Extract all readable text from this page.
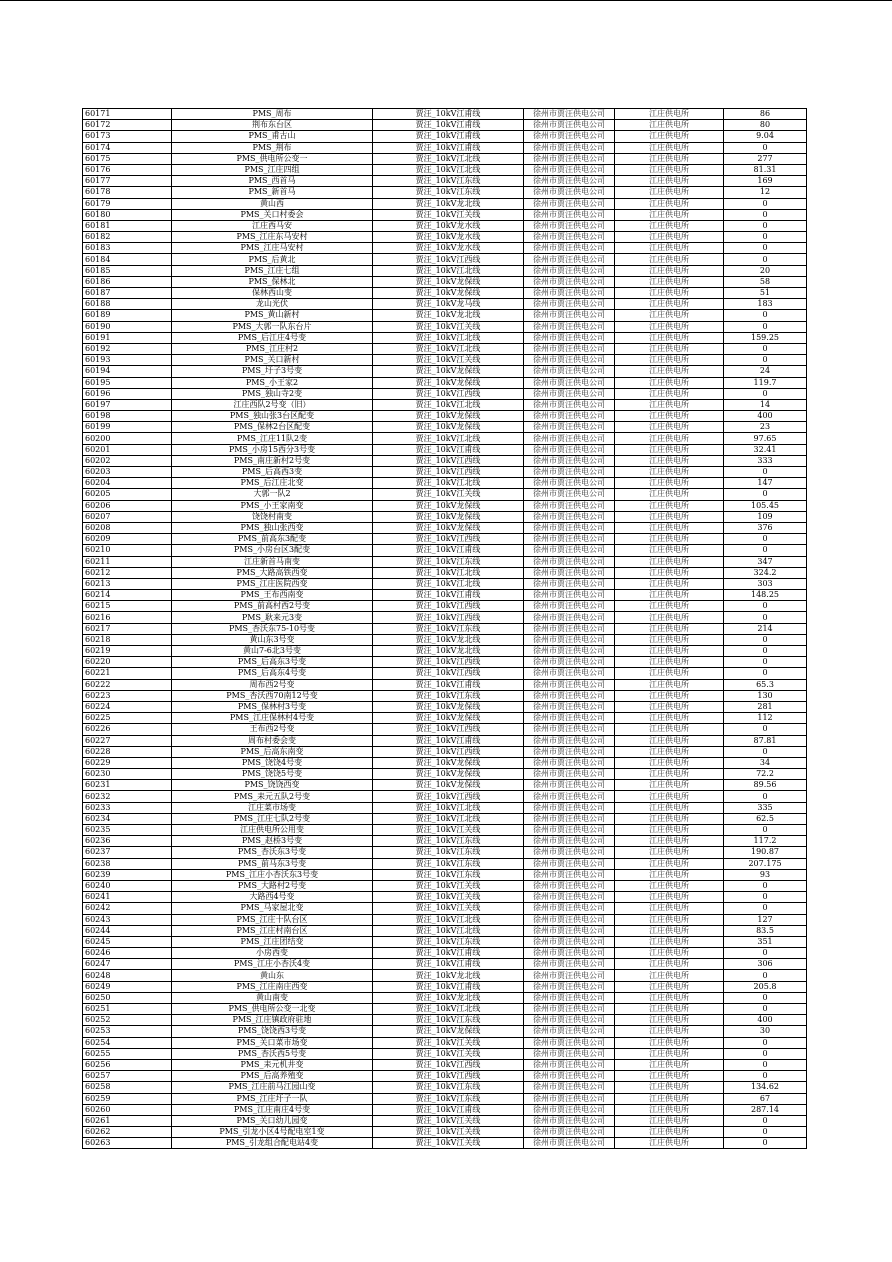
60171	PMS_周布	贾汪_10kV江甫线	徐州市贾汪供电公司	江庄供电所	86
60172	荆布东台区	贾汪_10kV江甫线	徐州市贾汪供电公司	江庄供电所	80
60173	PMS_甫古山	贾汪_10kV江甫线	徐州市贾汪供电公司	江庄供电所	9.04
60174	PMS_荆布	贾汪_10kV江甫线	徐州市贾汪供电公司	江庄供电所	0
60175	PMS_供电所公变一	贾汪_10kV江北线	徐州市贾汪供电公司	江庄供电所	277
60176	PMS_江庄四组	贾汪_10kV江北线	徐州市贾汪供电公司	江庄供电所	81.31
60177	PMS_西首马	贾汪_10kV江东线	徐州市贾汪供电公司	江庄供电所	169
60178	PMS_新首马	贾汪_10kV江东线	徐州市贾汪供电公司	江庄供电所	12
60179	黄山西	贾汪_10kV龙北线	徐州市贾汪供电公司	江庄供电所	0
60180	PMS_关口村委会	贾汪_10kV江关线	徐州市贾汪供电公司	江庄供电所	0
60181	江庄西马安	贾汪_10kV龙水线	徐州市贾汪供电公司	江庄供电所	0
60182	PMS_江庄东马安村	贾汪_10kV龙水线	徐州市贾汪供电公司	江庄供电所	0
60183	PMS_江庄马安村	贾汪_10kV龙水线	徐州市贾汪供电公司	江庄供电所	0
60184	PMS_后黄北	贾汪_10kV江西线	徐州市贾汪供电公司	江庄供电所	0
60185	PMS_江庄七组	贾汪_10kV江北线	徐州市贾汪供电公司	江庄供电所	20
60186	PMS_保林北	贾汪_10kV龙保线	徐州市贾汪供电公司	江庄供电所	58
60187	保林西山变	贾汪_10kV龙保线	徐州市贾汪供电公司	江庄供电所	51
60188	龙山光伏	贾汪_10kV龙马线	徐州市贾汪供电公司	江庄供电所	183
60189	PMS_黄山新村	贾汪_10kV龙北线	徐州市贾汪供电公司	江庄供电所	0
60190	PMS_大郭一队东台片	贾汪_10kV江关线	徐州市贾汪供电公司	江庄供电所	0
60191	PMS_后江庄4号变	贾汪_10kV江北线	徐州市贾汪供电公司	江庄供电所	159.25
60192	PMS_江庄村2	贾汪_10kV江北线	徐州市贾汪供电公司	江庄供电所	0
60193	PMS_关口新村	贾汪_10kV江关线	徐州市贾汪供电公司	江庄供电所	0
60194	PMS_圩子3号变	贾汪_10kV龙保线	徐州市贾汪供电公司	江庄供电所	24
60195	PMS_小王家2	贾汪_10kV龙保线	徐州市贾汪供电公司	江庄供电所	119.7
60196	PMS_独山寺2变	贾汪_10kV江西线	徐州市贾汪供电公司	江庄供电所	0
60197	江庄西队2号变（旧）	贾汪_10kV江北线	徐州市贾汪供电公司	江庄供电所	14
60198	PMS_独山张3台区配变	贾汪_10kV龙保线	徐州市贾汪供电公司	江庄供电所	400
60199	PMS_保林2台区配变	贾汪_10kV龙保线	徐州市贾汪供电公司	江庄供电所	23
60200	PMS_江庄11队2变	贾汪_10kV江北线	徐州市贾汪供电公司	江庄供电所	97.65
60201	PMS_小房15西分3号变	贾汪_10kV江甫线	徐州市贾汪供电公司	江庄供电所	32.41
60202	PMS_南庄新村2号变	贾汪_10kV江西线	徐州市贾汪供电公司	江庄供电所	333
60203	PMS_后高西3变	贾汪_10kV江西线	徐州市贾汪供电公司	江庄供电所	0
60204	PMS_后江庄北变	贾汪_10kV江北线	徐州市贾汪供电公司	江庄供电所	147
60205	大郭一队2	贾汪_10kV江关线	徐州市贾汪供电公司	江庄供电所	0
60206	PMS_小王家南变	贾汪_10kV龙保线	徐州市贾汪供电公司	江庄供电所	105.45
60207	饶饶村南变	贾汪_10kV龙保线	徐州市贾汪供电公司	江庄供电所	109
60208	PMS_独山张西变	贾汪_10kV龙保线	徐州市贾汪供电公司	江庄供电所	376
60209	PMS_前高东3配变	贾汪_10kV江西线	徐州市贾汪供电公司	江庄供电所	0
60210	PMS_小房台区3配变	贾汪_10kV江甫线	徐州市贾汪供电公司	江庄供电所	0
60211	江庄新首马南变	贾汪_10kV江东线	徐州市贾汪供电公司	江庄供电所	347
60212	PMS_大路高铁西变	贾汪_10kV江北线	徐州市贾汪供电公司	江庄供电所	324.2
60213	PMS_江庄医院西变	贾汪_10kV江北线	徐州市贾汪供电公司	江庄供电所	303
60214	PMS_王布西南变	贾汪_10kV江甫线	徐州市贾汪供电公司	江庄供电所	148.25
60215	PMS_前高村西2号变	贾汪_10kV江西线	徐州市贾汪供电公司	江庄供电所	0
60216	PMS_耿来元3变	贾汪_10kV江西线	徐州市贾汪供电公司	江庄供电所	0
60217	PMS_杏沃东75-10号变	贾汪_10kV江东线	徐州市贾汪供电公司	江庄供电所	214
60218	黄山东3号变	贾汪_10kV龙北线	徐州市贾汪供电公司	江庄供电所	0
60219	黄山7-6北3号变	贾汪_10kV龙北线	徐州市贾汪供电公司	江庄供电所	0
60220	PMS_后高东3号变	贾汪_10kV江西线	徐州市贾汪供电公司	江庄供电所	0
60221	PMS_后高东4号变	贾汪_10kV江西线	徐州市贾汪供电公司	江庄供电所	0
60222	周布西2号变	贾汪_10kV江甫线	徐州市贾汪供电公司	江庄供电所	65.3
60223	PMS_杏沃西70南12号变	贾汪_10kV江东线	徐州市贾汪供电公司	江庄供电所	130
60224	PMS_保林村3号变	贾汪_10kV龙保线	徐州市贾汪供电公司	江庄供电所	281
60225	PMS_江庄保林村4号变	贾汪_10kV龙保线	徐州市贾汪供电公司	江庄供电所	112
60226	王布西2号变	贾汪_10kV江西线	徐州市贾汪供电公司	江庄供电所	0
60227	周布村委会变	贾汪_10kV江甫线	徐州市贾汪供电公司	江庄供电所	87.81
60228	PMS_后高东南变	贾汪_10kV江西线	徐州市贾汪供电公司	江庄供电所	0
60229	PMS_饶饶4号变	贾汪_10kV龙保线	徐州市贾汪供电公司	江庄供电所	34
60230	PMS_饶饶5号变	贾汪_10kV龙保线	徐州市贾汪供电公司	江庄供电所	72.2
60231	PMS_饶饶西变	贾汪_10kV龙保线	徐州市贾汪供电公司	江庄供电所	89.56
60232	PMS_耒元五队2号变	贾汪_10kV江西线	徐州市贾汪供电公司	江庄供电所	0
60233	江庄菜市场变	贾汪_10kV江北线	徐州市贾汪供电公司	江庄供电所	335
60234	PMS_江庄七队2号变	贾汪_10kV江北线	徐州市贾汪供电公司	江庄供电所	62.5
60235	江庄供电所公用变	贾汪_10kV江关线	徐州市贾汪供电公司	江庄供电所	0
60236	PMS_赵桥3号变	贾汪_10kV江东线	徐州市贾汪供电公司	江庄供电所	117.2
60237	PMS_杏沃东3号变	贾汪_10kV江东线	徐州市贾汪供电公司	江庄供电所	190.87
60238	PMS_前马东3号变	贾汪_10kV江东线	徐州市贾汪供电公司	江庄供电所	207.175
60239	PMS_江庄小杏沃东3号变	贾汪_10kV江东线	徐州市贾汪供电公司	江庄供电所	93
60240	PMS_大路村2号变	贾汪_10kV江关线	徐州市贾汪供电公司	江庄供电所	0
60241	大路西4号变	贾汪_10kV江关线	徐州市贾汪供电公司	江庄供电所	0
60242	PMS_马家屋北变	贾汪_10kV江关线	徐州市贾汪供电公司	江庄供电所	0
60243	PMS_江庄十队台区	贾汪_10kV江北线	徐州市贾汪供电公司	江庄供电所	127
60244	PMS_江庄村南台区	贾汪_10kV江北线	徐州市贾汪供电公司	江庄供电所	83.5
60245	PMS_江庄团结变	贾汪_10kV江东线	徐州市贾汪供电公司	江庄供电所	351
60246	小房西变	贾汪_10kV江甫线	徐州市贾汪供电公司	江庄供电所	0
60247	PMS_江庄小杏沃4变	贾汪_10kV江甫线	徐州市贾汪供电公司	江庄供电所	306
60248	黄山东	贾汪_10kV龙北线	徐州市贾汪供电公司	江庄供电所	0
60249	PMS_江庄南庄西变	贾汪_10kV江甫线	徐州市贾汪供电公司	江庄供电所	205.8
60250	黄山南变	贾汪_10kV龙北线	徐州市贾汪供电公司	江庄供电所	0
60251	PMS_供电所公变一北变	贾汪_10kV江北线	徐州市贾汪供电公司	江庄供电所	0
60252	PMS_江庄镇政府驻地	贾汪_10kV江东线	徐州市贾汪供电公司	江庄供电所	400
60253	PMS_饶饶西3号变	贾汪_10kV龙保线	徐州市贾汪供电公司	江庄供电所	30
60254	PMS_关口菜市场变	贾汪_10kV江关线	徐州市贾汪供电公司	江庄供电所	0
60255	PMS_杏沃西5号变	贾汪_10kV江关线	徐州市贾汪供电公司	江庄供电所	0
60256	PMS_耒元机井变	贾汪_10kV江西线	徐州市贾汪供电公司	江庄供电所	0
60257	PMS_后高养殖变	贾汪_10kV江西线	徐州市贾汪供电公司	江庄供电所	0
60258	PMS_江庄前马江园山变	贾汪_10kV江东线	徐州市贾汪供电公司	江庄供电所	134.62
60259	PMS_江庄圩子一队	贾汪_10kV江东线	徐州市贾汪供电公司	江庄供电所	67
60260	PMS_江庄南庄4号变	贾汪_10kV江甫线	徐州市贾汪供电公司	江庄供电所	287.14
60261	PMS_关口幼儿园变	贾汪_10kV江关线	徐州市贾汪供电公司	江庄供电所	0
60262	PMS_引龙小区4号配电室1变	贾汪_10kV江关线	徐州市贾汪供电公司	江庄供电所	0
60263	PMS_引龙组合配电站4变	贾汪_10kV江关线	徐州市贾汪供电公司	江庄供电所	0
